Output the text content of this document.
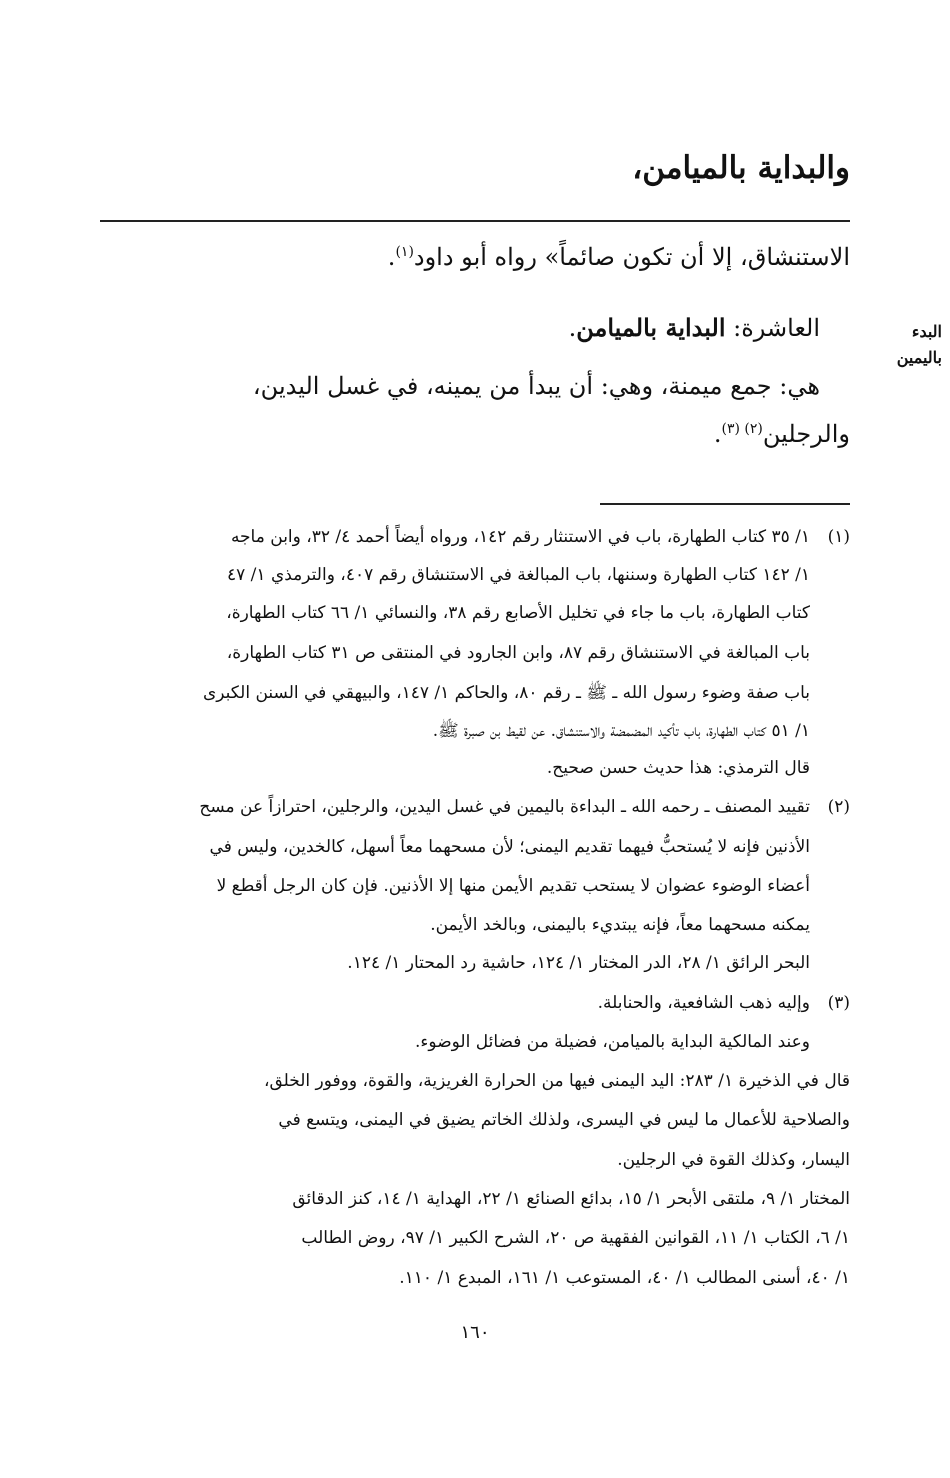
والبداية بالميامن،
الاستنشاق، إلا أن تكون صائماً» رواه أبو داود$^{(١)}$.
العاشرة: البداية بالميامن.
هي: جمع ميمنة، وهي: أن يبدأ من يمينه، في غسل اليدين،
والرجلين$^{(٢) (٣)}$.
البدء
باليمين
(١)
١/ ٣٥ كتاب الطهارة، باب في الاستنثار رقم ١٤٢، ورواه أيضاً أحمد ٤/ ٣٢، وابن ماجه
١/ ١٤٢ كتاب الطهارة وسننها، باب المبالغة في الاستنشاق رقم ٤٠٧، والترمذي ١/ ٤٧
كتاب الطهارة، باب ما جاء في تخليل الأصابع رقم ٣٨، والنسائي ١/ ٦٦ كتاب الطهارة،
باب المبالغة في الاستنشاق رقم ٨٧، وابن الجارود في المنتقى ص ٣١ كتاب الطهارة،
باب صفة وضوء رسول الله ـ ﷺ ـ رقم ٨٠، والحاكم ١/ ١٤٧، والبيهقي في السنن الكبرى
١/ ٥١ كتاب الطهارة، باب تأكيد المضمضة والاستنشاق. عن لقيط بن صبرة ﷺ.
قال الترمذي: هذا حديث حسن صحيح.
(٢)
تقييد المصنف ـ رحمه الله ـ البداءة باليمين في غسل اليدين، والرجلين، احترازاً عن مسح
الأذنين فإنه لا يُستحبُّ فيهما تقديم اليمنى؛ لأن مسحهما معاً أسهل، كالخدين، وليس في
أعضاء الوضوء عضوان لا يستحب تقديم الأيمن منها إلا الأذنين. فإن كان الرجل أقطع لا
يمكنه مسحهما معاً، فإنه يبتديء باليمنى، وبالخد الأيمن.
البحر الرائق ١/ ٢٨، الدر المختار ١/ ١٢٤، حاشية رد المحتار ١/ ١٢٤.
(٣)
وإليه ذهب الشافعية، والحنابلة.
وعند المالكية البداية بالميامن، فضيلة من فضائل الوضوء.
قال في الذخيرة ١/ ٢٨٣: اليد اليمنى فيها من الحرارة الغريزية، والقوة، ووفور الخلق،
والصلاحية للأعمال ما ليس في اليسرى، ولذلك الخاتم يضيق في اليمنى، ويتسع في
اليسار، وكذلك القوة في الرجلين.
المختار ١/ ٩، ملتقى الأبحر ١/ ١٥، بدائع الصنائع ١/ ٢٢، الهداية ١/ ١٤، كنز الدقائق
١/ ٦، الكتاب ١/ ١١، القوانين الفقهية ص ٢٠، الشرح الكبير ١/ ٩٧، روض الطالب
١/ ٤٠، أسنى المطالب ١/ ٤٠، المستوعب ١/ ١٦١، المبدع ١/ ١١٠.
١٦٠
